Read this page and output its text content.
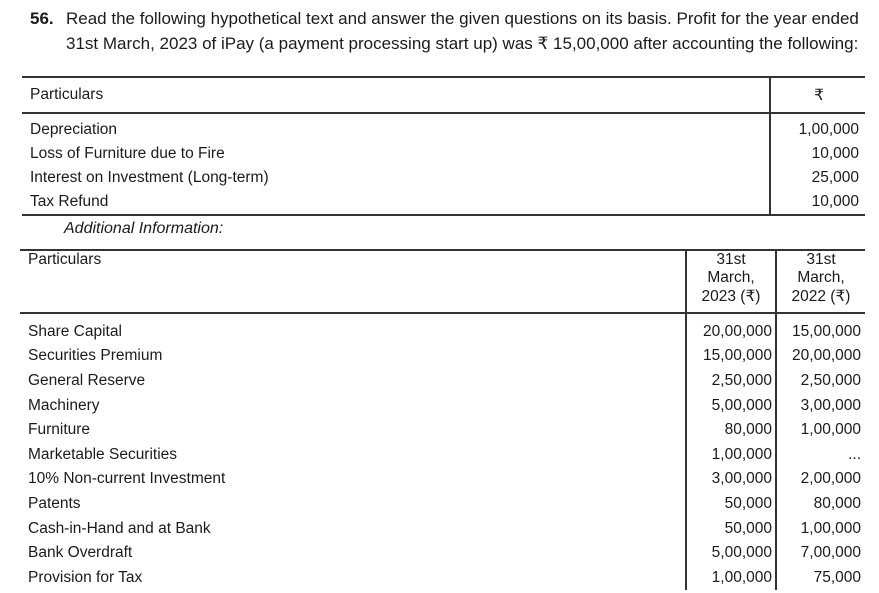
56. Read the following hypothetical text and answer the given questions on its basis. Profit for the year ended
31st March, 2023 of iPay (a payment processing start up) was ₹ 15,00,000 after accounting the following:
Particulars	₹
Depreciation	1,00,000
Loss of Furniture due to Fire	10,000
Interest on Investment (Long-term)	25,000
Tax Refund	10,000
Additional Information:
Particulars	31st March,	31st March,
	2023 (₹)	2022 (₹)
Share Capital	20,00,000	15,00,000
Securities Premium	15,00,000	20,00,000
General Reserve	2,50,000	2,50,000
Machinery	5,00,000	3,00,000
Furniture	80,000	1,00,000
Marketable Securities	1,00,000	...
10% Non-current Investment	3,00,000	2,00,000
Patents	50,000	80,000
Cash-in-Hand and at Bank	50,000	1,00,000
Bank Overdraft	5,00,000	7,00,000
Provision for Tax	1,00,000	75,000
